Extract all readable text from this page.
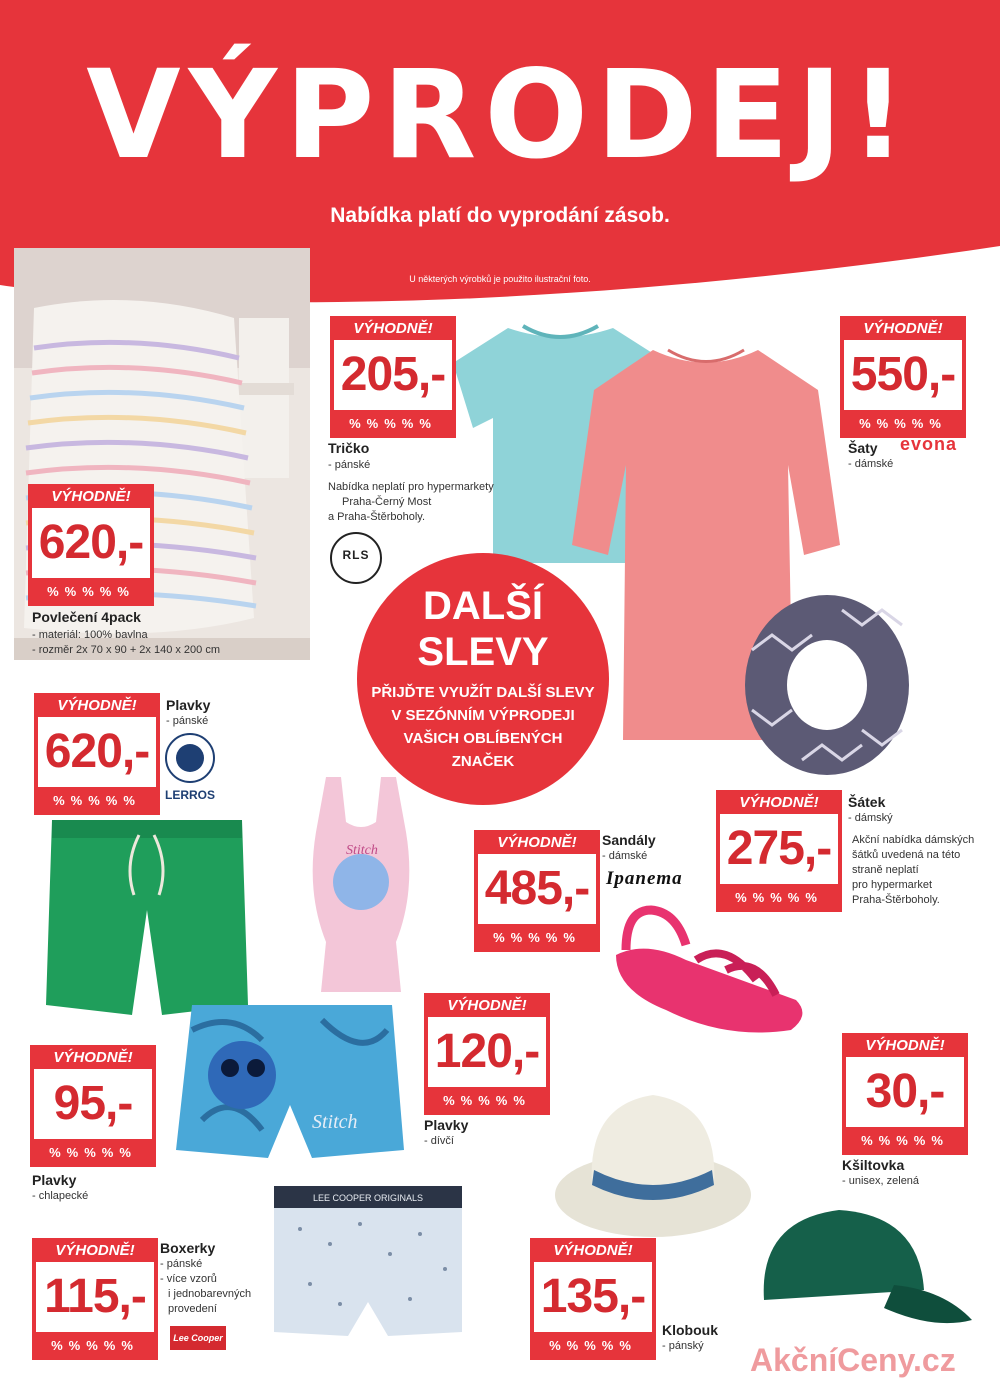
VÝPRODEJ!
Nabídka platí do vyprodání zásob.
U některých výrobků je použito ilustrační foto.
VÝHODNĚ!
620,-
%%%%%
Povlečení 4pack
- materiál: 100% bavlna
- rozměr 2x 70 x 90 + 2x 140 x 200 cm
VÝHODNĚ!
205,-
%%%%%
Tričko
- pánské
Nabídka neplatí pro hypermarkety
Praha-Černý Most
a Praha-Štěrboholy.
RLS
VÝHODNĚ!
550,-
%%%%%
Šaty
- dámské
evona
DALŠÍ
SLEVY
PŘIJĎTE VYUŽÍT DALŠÍ SLEVY
V SEZÓNNÍM VÝPRODEJI
VAŠICH OBLÍBENÝCH
ZNAČEK
VÝHODNĚ!
275,-
%%%%%
Šátek
- dámský
Akční nabídka dámských
šátků uvedená na této
straně neplatí
pro hypermarket
Praha-Štěrboholy.
VÝHODNĚ!
620,-
%%%%%
Plavky
- pánské
LERROS
Stitch	VÝHODNĚ!
485,-
%%%%%
Sandály
- dámské
Ipanema
Stitch
VÝHODNĚ!
120,-
%%%%%
Plavky
- dívčí
VÝHODNĚ!
95,-
%%%%%
Plavky
- chlapecké
VÝHODNĚ!
30,-
%%%%%
Kšiltovka
- unisex, zelená
LEE COOPER ORIGINALS
VÝHODNĚ!
115,-
%%%%%
Boxerky
- pánské
- více vzorů
i jednobarevných
provedení
Lee Cooper
VÝHODNĚ!
135,-
%%%%%
Klobouk
- pánský AkčníCeny.cz
